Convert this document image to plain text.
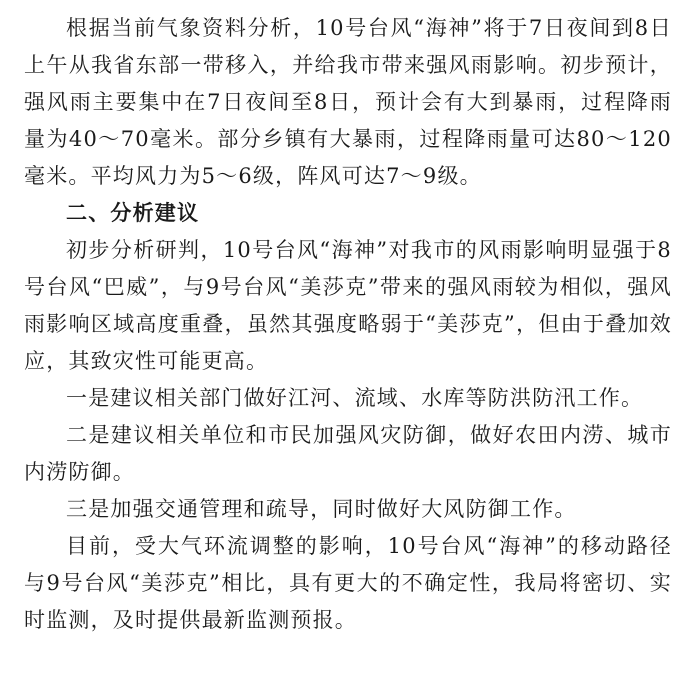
根据当前气象资料分析，10号台风“海神”将于7日夜间到8日上午从我省东部一带移入，并给我市带来强风雨影响。初步预计，强风雨主要集中在7日夜间至8日，预计会有大到暴雨，过程降雨量为40～70毫米。部分乡镇有大暴雨，过程降雨量可达80～120毫米。平均风力为5～6级，阵风可达7～9级。

二、分析建议

初步分析研判，10号台风“海神”对我市的风雨影响明显强于8号台风“巴威”，与9号台风“美莎克”带来的强风雨较为相似，强风雨影响区域高度重叠，虽然其强度略弱于“美莎克”，但由于叠加效应，其致灾性可能更高。

一是建议相关部门做好江河、流域、水库等防洪防汛工作。

二是建议相关单位和市民加强风灾防御，做好农田内涝、城市内涝防御。

三是加强交通管理和疏导，同时做好大风防御工作。

目前，受大气环流调整的影响，10号台风“海神”的移动路径与9号台风“美莎克”相比，具有更大的不确定性，我局将密切、实时监测，及时提供最新监测预报。
